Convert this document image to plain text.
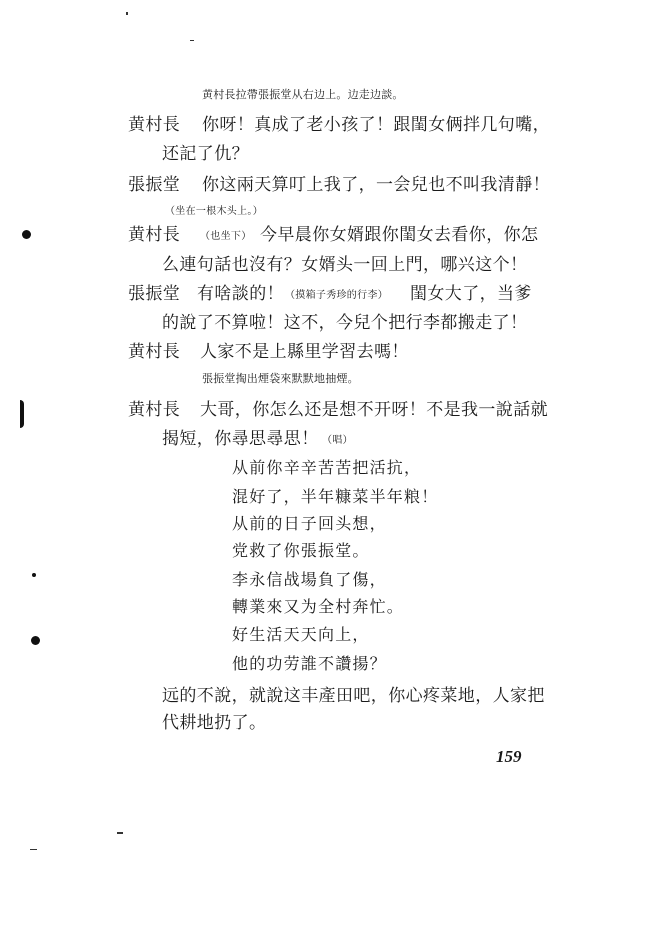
黄村長拉帶張振堂从右边上。边走边談。
黄村長 你呀！真成了老小孩了！跟閨女俩拌几句嘴，
还記了仇？
張振堂 你这兩天算叮上我了，一会兒也不叫我清靜！
（坐在一根木头上。）
黄村長 （也坐下） 今早晨你女婿跟你閨女去看你，你怎
么連句話也沒有？女婿头一回上門，哪兴这个！
張振堂 有啥談的！ （摸箱子秀珍的行李） 閨女大了，当爹
的說了不算啦！这不，今兒个把行李都搬走了！
黄村長 人家不是上縣里学習去嗎！
張振堂掏出煙袋來默默地抽煙。
黄村長 大哥，你怎么还是想不开呀！不是我一說話就
揭短，你尋思尋思！ （唱）
从前你辛辛苦苦把活抗，
混好了，半年糠菜半年粮！
从前的日子回头想，
党救了你張振堂。
李永信战場負了傷，
轉業來又为全村奔忙。
好生活天天向上，
他的功劳誰不讚揚？
远的不說，就說这丰產田吧，你心疼菜地，人家把
代耕地扔了。
159
